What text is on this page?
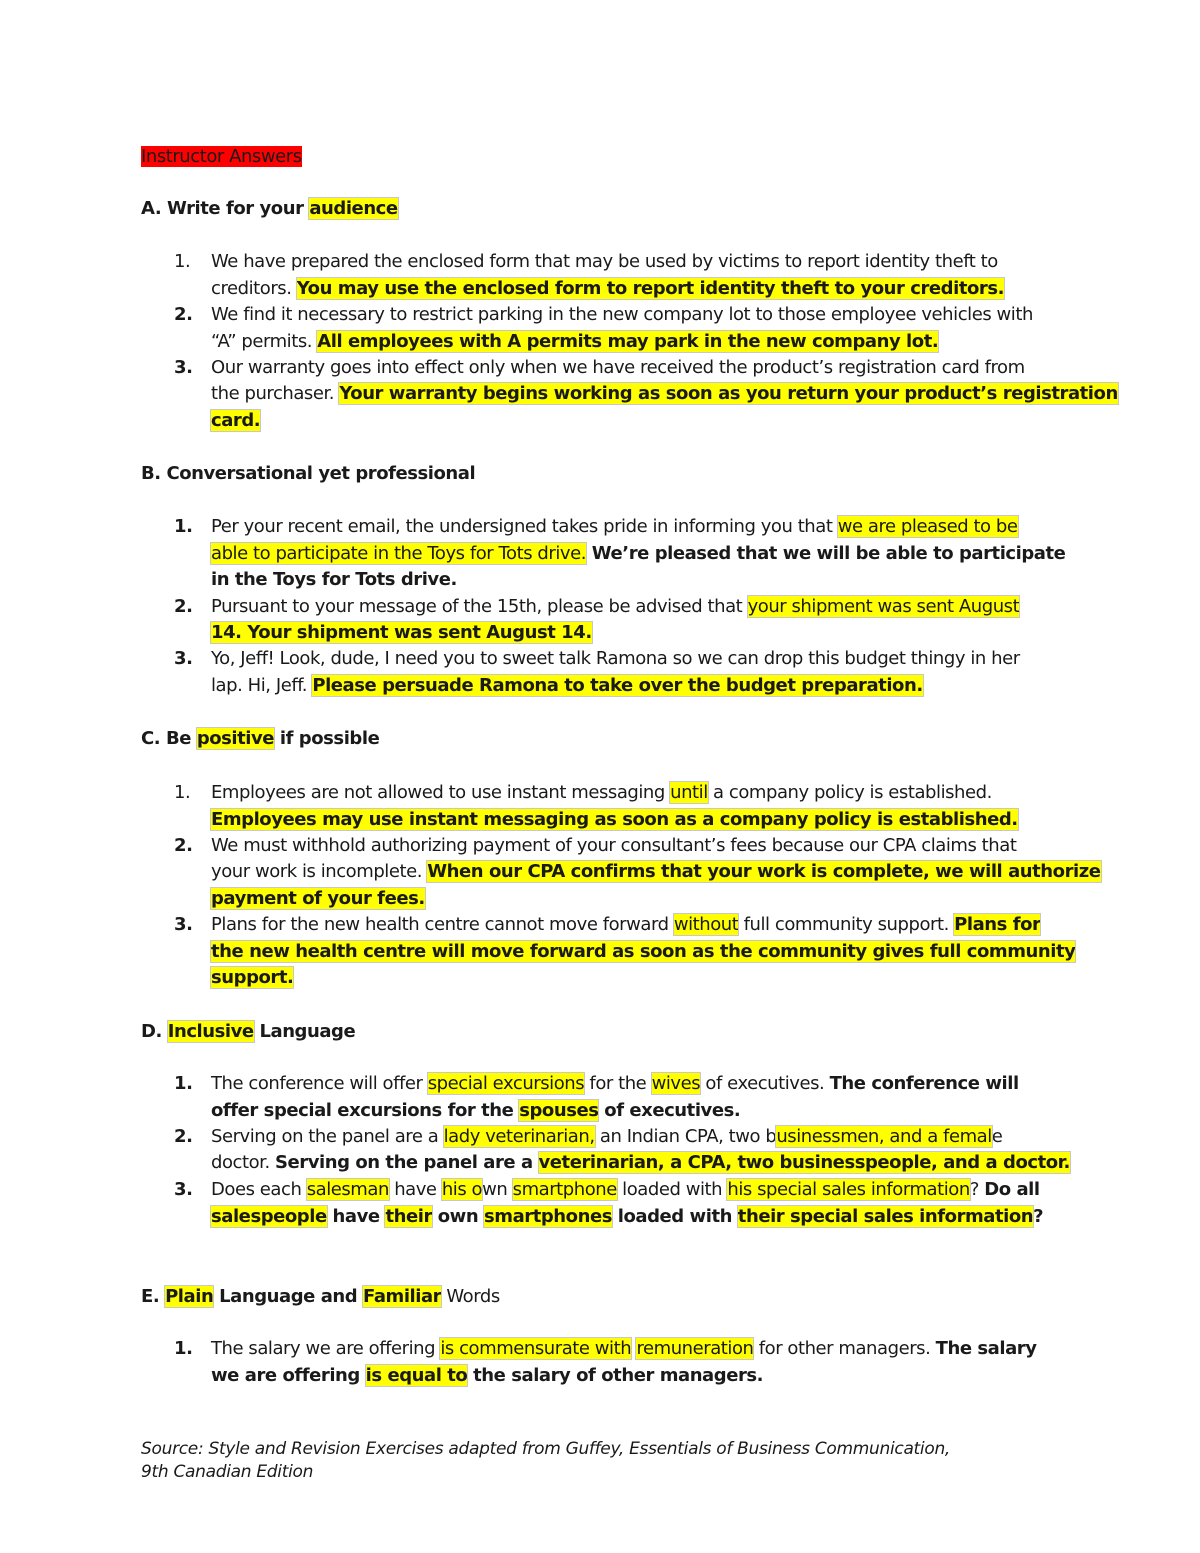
Instructor Answers
A. Write for your audience
1. We have prepared the enclosed form that may be used by victims to report identity theft to
creditors. You may use the enclosed form to report identity theft to your creditors.
2. We find it necessary to restrict parking in the new company lot to those employee vehicles with
“A” permits. All employees with A permits may park in the new company lot.
3. Our warranty goes into effect only when we have received the product’s registration card from
the purchaser. Your warranty begins working as soon as you return your product’s registration
card.
B. Conversational yet professional
1. Per your recent email, the undersigned takes pride in informing you that we are pleased to be
able to participate in the Toys for Tots drive. We’re pleased that we will be able to participate
in the Toys for Tots drive.
2. Pursuant to your message of the 15th, please be advised that your shipment was sent August
14. Your shipment was sent August 14.
3. Yo, Jeff! Look, dude, I need you to sweet talk Ramona so we can drop this budget thingy in her
lap. Hi, Jeff. Please persuade Ramona to take over the budget preparation.
C. Be positive if possible
1. Employees are not allowed to use instant messaging until a company policy is established.
Employees may use instant messaging as soon as a company policy is established.
2. We must withhold authorizing payment of your consultant’s fees because our CPA claims that
your work is incomplete. When our CPA confirms that your work is complete, we will authorize
payment of your fees.
3. Plans for the new health centre cannot move forward without full community support. Plans for
the new health centre will move forward as soon as the community gives full community
support.
D. Inclusive Language
1. The conference will offer special excursions for the wives of executives. The conference will
offer special excursions for the spouses of executives.
2. Serving on the panel are a lady veterinarian, an Indian CPA, two businessmen, and a female
doctor. Serving on the panel are a veterinarian, a CPA, two businesspeople, and a doctor.
3. Does each salesman have his own smartphone loaded with his special sales information? Do all
salespeople have their own smartphones loaded with their special sales information?
E. Plain Language and Familiar Words
1. The salary we are offering is commensurate with remuneration for other managers. The salary
we are offering is equal to the salary of other managers.
Source: Style and Revision Exercises adapted from Guffey, Essentials of Business Communication,
9th Canadian Edition
